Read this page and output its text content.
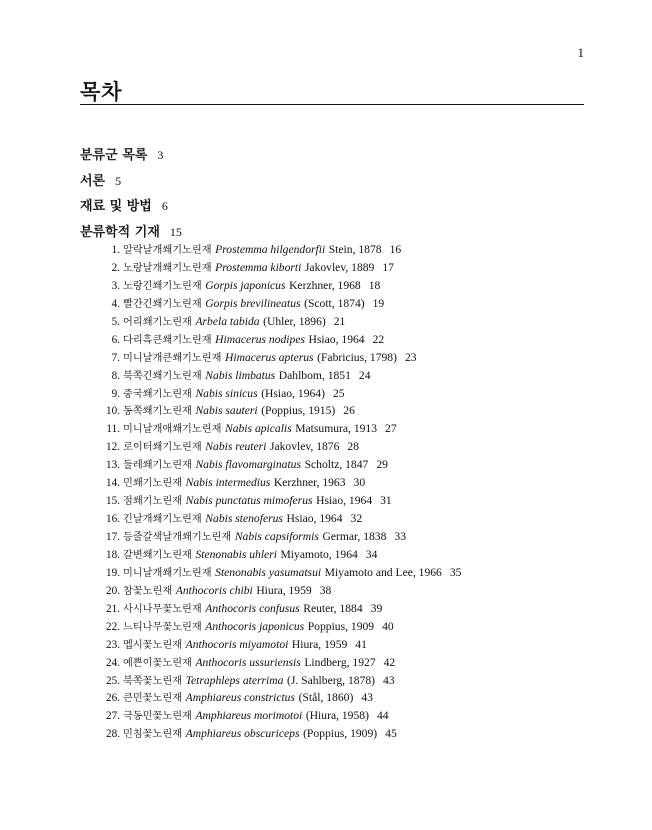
1
목차
분류군 목록 3
서론 5
재료 및 방법 6
분류학적 기재 15
1. 알락날개쐐기노린재 Prostemma hilgendorfii Stein, 1878 16
2. 노랑날개쐐기노린재 Prostemma kiborti Jakovlev, 1889 17
3. 노랑긴쐐기노린재 Gorpis japonicus Kerzhner, 1968 18
4. 빨간긴쐐기노린재 Gorpis brevilineatus (Scott, 1874) 19
5. 어리쐐기노린재 Arbela tabida (Uhler, 1896) 21
6. 다리흑큰쐐기노린재 Himacerus nodipes Hsiao, 1964 22
7. 미니날개큰쐐기노린재 Himacerus apterus (Fabricius, 1798) 23
8. 북쪽긴쐐기노린재 Nabis limbatus Dahlbom, 1851 24
9. 중국쐐기노린재 Nabis sinicus (Hsiao, 1964) 25
10. 동쪽쐐기노린재 Nabis sauteri (Poppius, 1915) 26
11. 미니날개애쐐기노린재 Nabis apicalis Matsumura, 1913 27
12. 로이터쐐기노린재 Nabis reuteri Jakovlev, 1876 28
13. 둘레쐐기노린재 Nabis flavomarginatus Scholtz, 1847 29
14. 민쐐기노린재 Nabis intermedius Kerzhner, 1963 30
15. 점쐐기노린재 Nabis punctatus mimoferus Hsiao, 1964 31
16. 긴날개쐐기노린재 Nabis stenoferus Hsiao, 1964 32
17. 등줄갈색날개쐐기노린재 Nabis capsiformis Germar, 1838 33
18. 갈변쐐기노린재 Stenonabis uhleri Miyamoto, 1964 34
19. 미니날개쐐기노린재 Stenonabis yasumatsui Miyamoto and Lee, 1966 35
20. 참꽃노린재 Anthocoris chibi Hiura, 1959 38
21. 사시나무꽃노린재 Anthocoris confusus Reuter, 1884 39
22. 느티나무꽃노린재 Anthocoris japonicus Poppius, 1909 40
23. 멥시꽃노린재 Anthocoris miyamotoi Hiura, 1959 41
24. 예쁜이꽃노린재 Anthocoris ussuriensis Lindberg, 1927 42
25. 북쪽꽃노린재 Tetraphleps aterrima (J. Sahlberg, 1878) 43
26. 큰민꽃노린재 Amphiareus constrictus (Stål, 1860) 43
27. 극동민꽃노린재 Amphiareus morimotoi (Hiura, 1958) 44
28. 민침꽃노린재 Amphiareus obscuriceps (Poppius, 1909) 45
